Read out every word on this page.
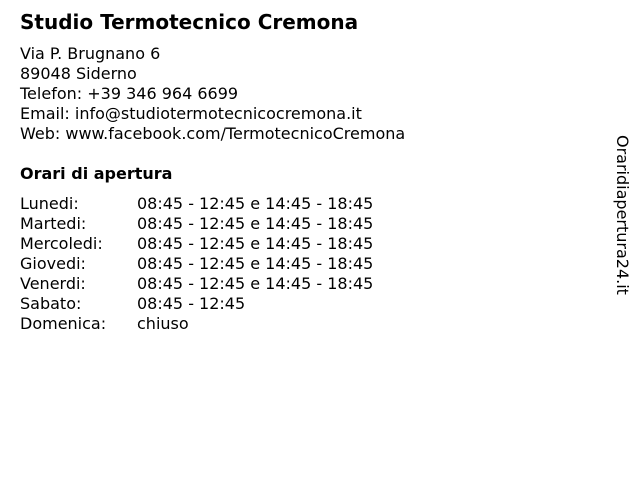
Studio Termotecnico Cremona
Via P. Brugnano 6
89048 Siderno
Telefon: +39 346 964 6699
Email: info@studiotermotecnicocremona.it
Web: www.facebook.com/TermotecnicoCremona
Orari di apertura
Lunedi:	08:45 - 12:45 e 14:45 - 18:45
Martedi:	08:45 - 12:45 e 14:45 - 18:45
Mercoledi: 08:45 - 12:45 e 14:45 - 18:45
Giovedi:	08:45 - 12:45 e 14:45 - 18:45
Venerdi:	08:45 - 12:45 e 14:45 - 18:45
Sabato:	08:45 - 12:45
Domenica: chiuso
Oraridiapertura24.it
